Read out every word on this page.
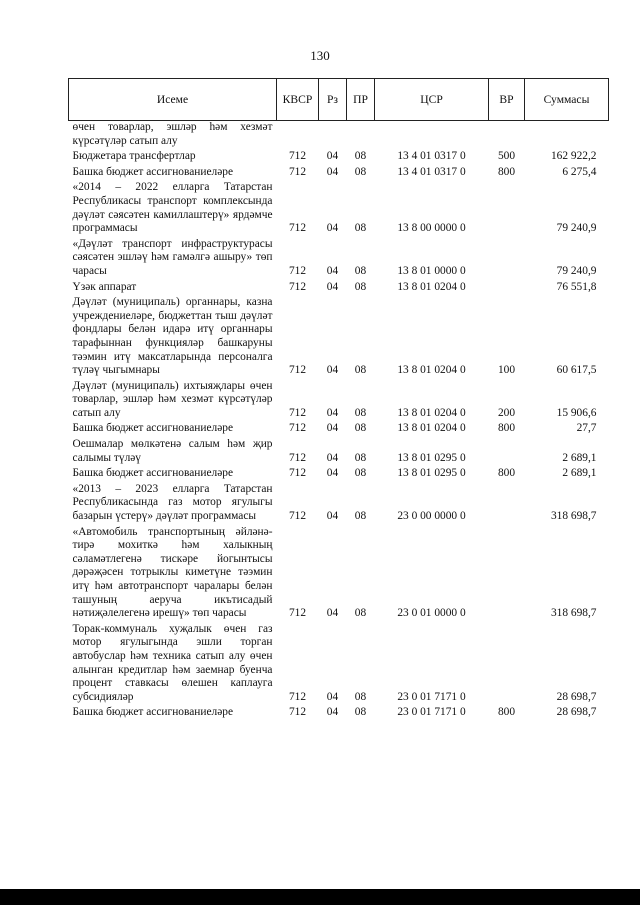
130
Исеме	КВСР	Рз	ПР	ЦСР	ВР	Суммасы
өчен товарлар, эшләр һәм хезмәт күрсәтүләр сатып алу						
Бюджетара трансфертлар	712	04	08	13 4 01 0317 0	500	162 922,2
Башка бюджет ассигнованиеләре	712	04	08	13 4 01 0317 0	800	6 275,4
«2014 – 2022 елларга Татарстан Республикасы транспорт комплексында дәүләт сәясәтен камиллаштерү» ярдәмче программасы	712	04	08	13 8 00 0000 0		79 240,9
«Дәүләт транспорт инфраструктурасы сәясәтен эшләү һәм гамәлгә ашыру» төп чарасы	712	04	08	13 8 01 0000 0		79 240,9
Үзәк аппарат	712	04	08	13 8 01 0204 0		76 551,8
Дәүләт (муниципаль) органнары, казна учреждениеләре, бюджеттан тыш дәүләт фондлары белән идарә итү органнары тарафыннан функцияләр башкаруны тәэмин итү максатларында персоналга түләү чыгымнары	712	04	08	13 8 01 0204 0	100	60 617,5
Дәүләт (муниципаль) ихтыяҗлары өчен товарлар, эшләр һәм хезмәт күрсәтүләр сатып алу	712	04	08	13 8 01 0204 0	200	15 906,6
Башка бюджет ассигнованиеләре	712	04	08	13 8 01 0204 0	800	27,7
Оешмалар мөлкәтенә салым һәм җир салымы түләү	712	04	08	13 8 01 0295 0		2 689,1
Башка бюджет ассигнованиеләре	712	04	08	13 8 01 0295 0	800	2 689,1
«2013 – 2023 елларга Татарстан Республикасында газ мотор ягулыгы базарын үстерү» дәүләт программасы	712	04	08	23 0 00 0000 0		318 698,7
«Автомобиль транспортының әйләнә-тирә мохиткә һәм халыкның сәламәтлегенә тискәре йогынтысы дәрәҗәсен тотрыклы киметүне тәэмин итү һәм автотранспорт чаралары белән ташуның аеруча икътисадый нәтиҗәлелегенә ирешү» төп чарасы	712	04	08	23 0 01 0000 0		318 698,7
Торак-коммуналь хуҗалык өчен газ мотор ягулыгында эшли торган автобуслар һәм техника сатып алу өчен алынган кредитлар һәм заемнар буенча процент ставкасы өлешен каплауга субсидияләр	712	04	08	23 0 01 7171 0		28 698,7
Башка бюджет ассигнованиеләре	712	04	08	23 0 01 7171 0	800	28 698,7
